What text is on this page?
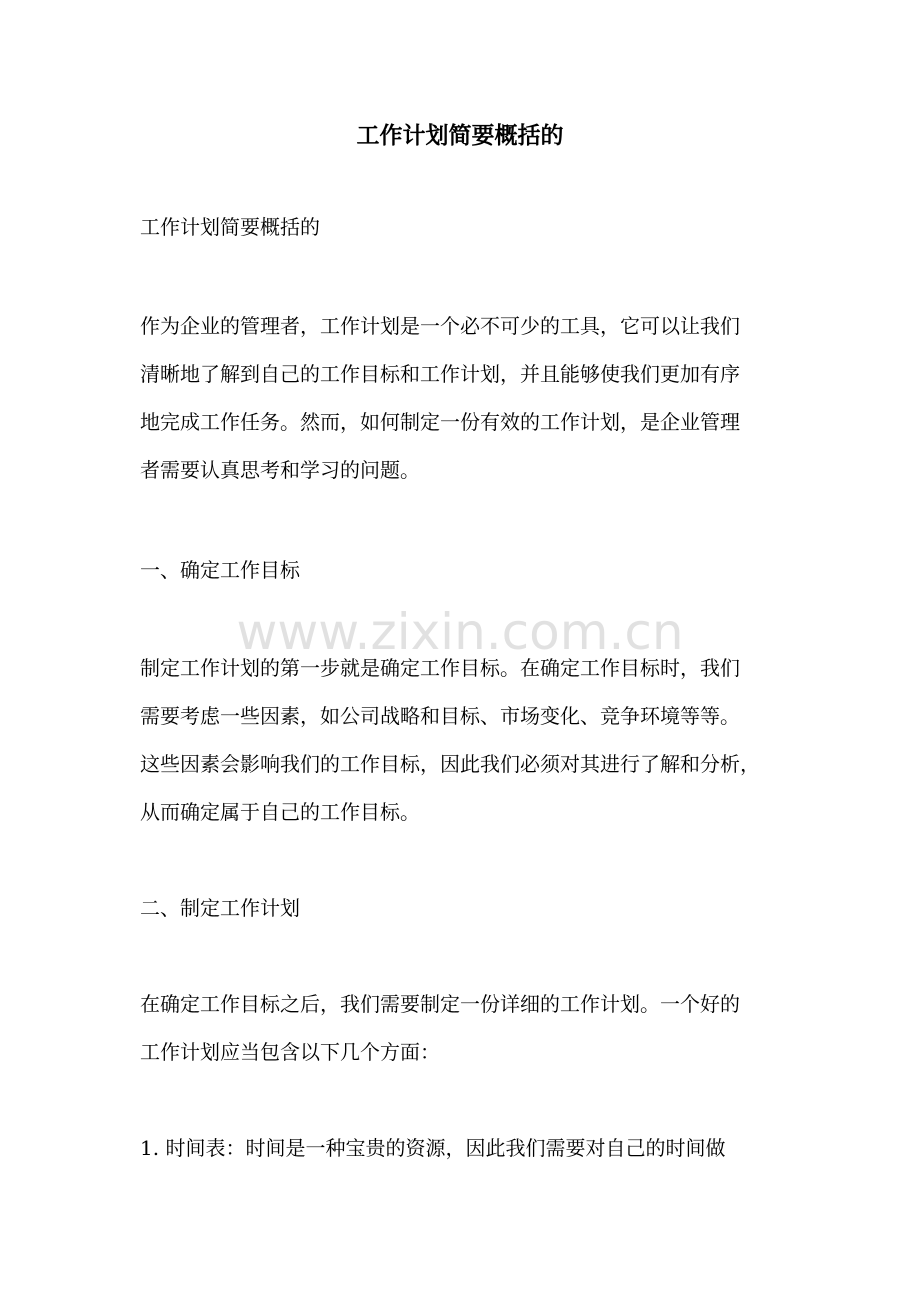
工作计划简要概括的

工作计划简要概括的

作为企业的管理者，工作计划是一个必不可少的工具，它可以让我们
清晰地了解到自己的工作目标和工作计划，并且能够使我们更加有序
地完成工作任务。然而，如何制定一份有效的工作计划，是企业管理
者需要认真思考和学习的问题。

一、确定工作目标

www.zixin.com.cn

制定工作计划的第一步就是确定工作目标。在确定工作目标时，我们
需要考虑一些因素，如公司战略和目标、市场变化、竞争环境等等。
这些因素会影响我们的工作目标，因此我们必须对其进行了解和分析，
从而确定属于自己的工作目标。

二、制定工作计划

在确定工作目标之后，我们需要制定一份详细的工作计划。一个好的
工作计划应当包含以下几个方面：

1. 时间表：时间是一种宝贵的资源，因此我们需要对自己的时间做
